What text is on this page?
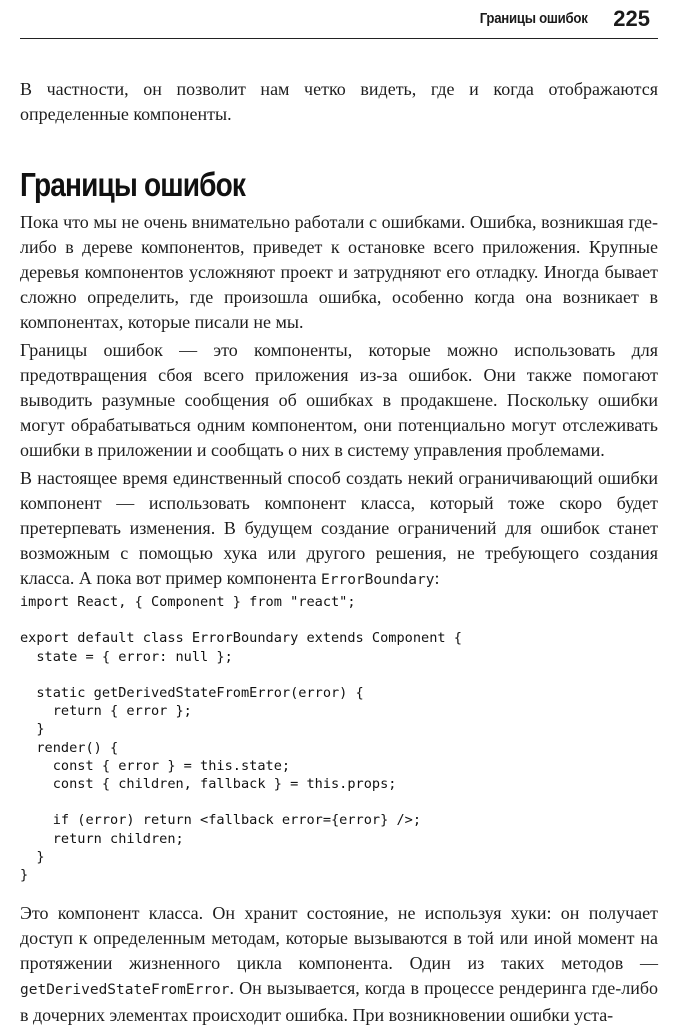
Границы ошибок 225

В частности, он позволит нам четко видеть, где и когда отображаются определенные компоненты.

Границы ошибок

Пока что мы не очень внимательно работали с ошибками. Ошибка, возникшая где-либо в дереве компонентов, приведет к остановке всего приложения. Крупные деревья компонентов усложняют проект и затрудняют его отладку. Иногда бывает сложно определить, где произошла ошибка, особенно когда она возникает в компонентах, которые писали не мы.

Границы ошибок — это компоненты, которые можно использовать для предотвращения сбоя всего приложения из-за ошибок. Они также помогают выводить разумные сообщения об ошибках в продакшене. Поскольку ошибки могут обрабатываться одним компонентом, они потенциально могут отслеживать ошибки в приложении и сообщать о них в систему управления проблемами.

В настоящее время единственный способ создать некий ограничивающий ошибки компонент — использовать компонент класса, который тоже скоро будет претерпевать изменения. В будущем создание ограничений для ошибок станет возможным с помощью хука или другого решения, не требующего создания класса. А пока вот пример компонента ErrorBoundary:

import React, { Component } from "react";

export default class ErrorBoundary extends Component {
state = { error: null };

static getDerivedStateFromError(error) {
return { error };
}
render() {
const { error } = this.state;
const { children, fallback } = this.props;

if (error) return <fallback error={error} />;
return children;
}
}

Это компонент класса. Он хранит состояние, не используя хуки: он получает доступ к определенным методам, которые вызываются в той или иной момент на протяжении жизненного цикла компонента. Один из таких методов — getDerivedStateFromError. Он вызывается, когда в процессе рендеринга где-либо в дочерних элементах происходит ошибка. При возникновении ошибки уста-
